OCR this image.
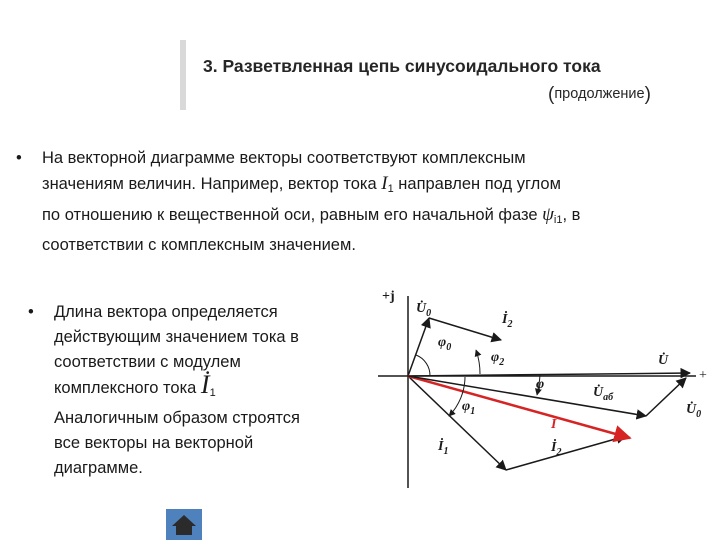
3. Разветвленная цепь синусоидального тока
(продолжение)
• На векторной диаграмме векторы соответствуют комплексным
значениям величин. Например, вектор тока I1 направлен под углом
по отношению к вещественной оси, равным его начальной фазе ψi1, в
соответствии с комплексным значением.
• Длина вектора определяется
действующим значением тока в
соответствии с модулем
комплексного тока İ1
Аналогичным образом строятся
все векторы на векторной
диаграмме.
+j
+
$U̇_0$	$İ_2$
$\varphi_0$
$\varphi_2$
φ
$\varphi_1$
U̇
$U̇_{аб}$
$U̇_0$
İ
$İ_1$	$İ_2$
